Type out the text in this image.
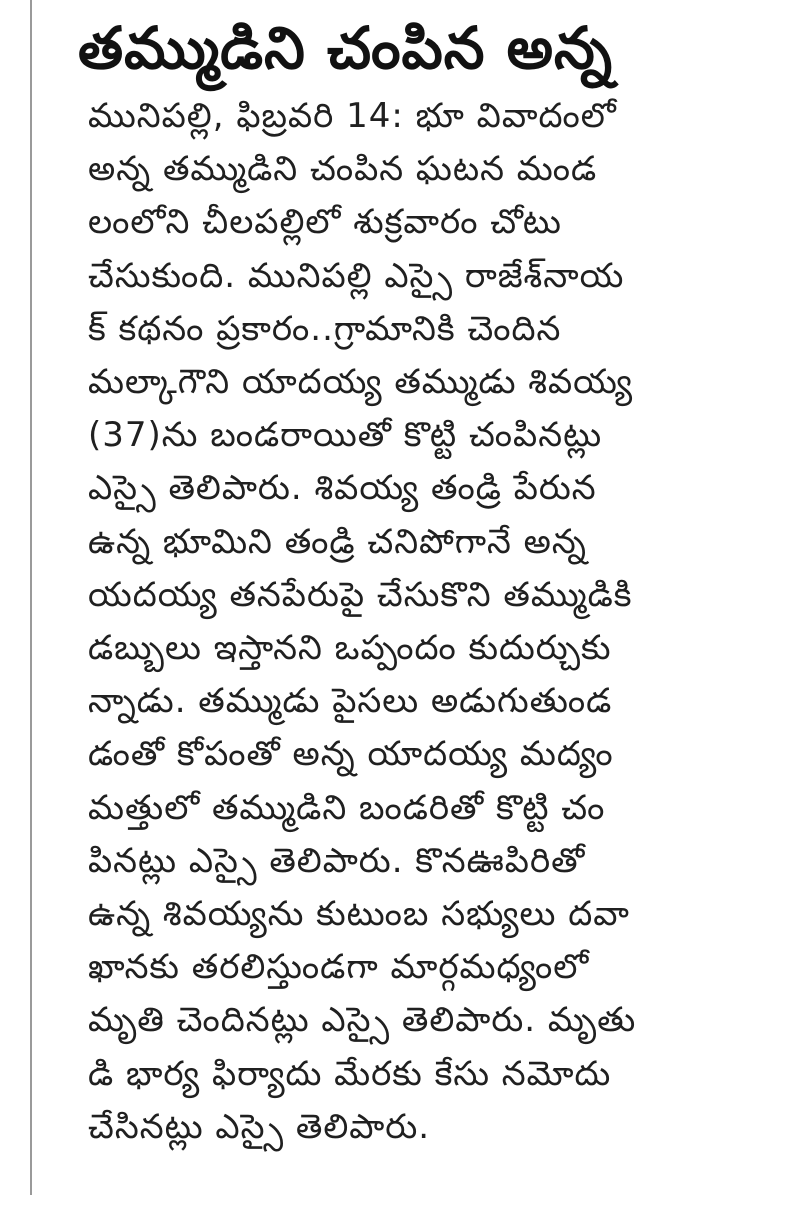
తమ్ముడిని చంపిన అన్న
మునిపల్లి, ఫిబ్రవరి 14: భూ వివాదంలో
అన్న తమ్ముడిని చంపిన ఘటన మండ
లంలోని చీలపల్లిలో శుక్రవారం చోటు
చేసుకుంది. మునిపల్లి ఎస్సై రాజేశ్‌నాయ
క్ కథనం ప్రకారం..గ్రామానికి చెందిన
మల్కాగౌని యాదయ్య తమ్ముడు శివయ్య
(37)ను బండరాయితో కొట్టి చంపినట్లు
ఎస్సై తెలిపారు. శివయ్య తండ్రి పేరున
ఉన్న భూమిని తండ్రి చనిపోగానే అన్న
యదయ్య తనపేరుపై చేసుకొని తమ్ముడికి
డబ్బులు ఇస్తానని ఒప్పందం కుదుర్చుకు
న్నాడు. తమ్ముడు పైసలు అడుగుతుండ
డంతో కోపంతో అన్న యాదయ్య మద్యం
మత్తులో తమ్ముడిని బండరితో కొట్టి చం
పినట్లు ఎస్సై తెలిపారు. కొనఊపిరితో
ఉన్న శివయ్యను కుటుంబ సభ్యులు దవా
ఖానకు తరలిస్తుండగా మార్గమధ్యంలో
మృతి చెందినట్లు ఎస్సై తెలిపారు. మృతు
డి భార్య ఫిర్యాదు మేరకు కేసు నమోదు
చేసినట్లు ఎస్సై తెలిపారు.
